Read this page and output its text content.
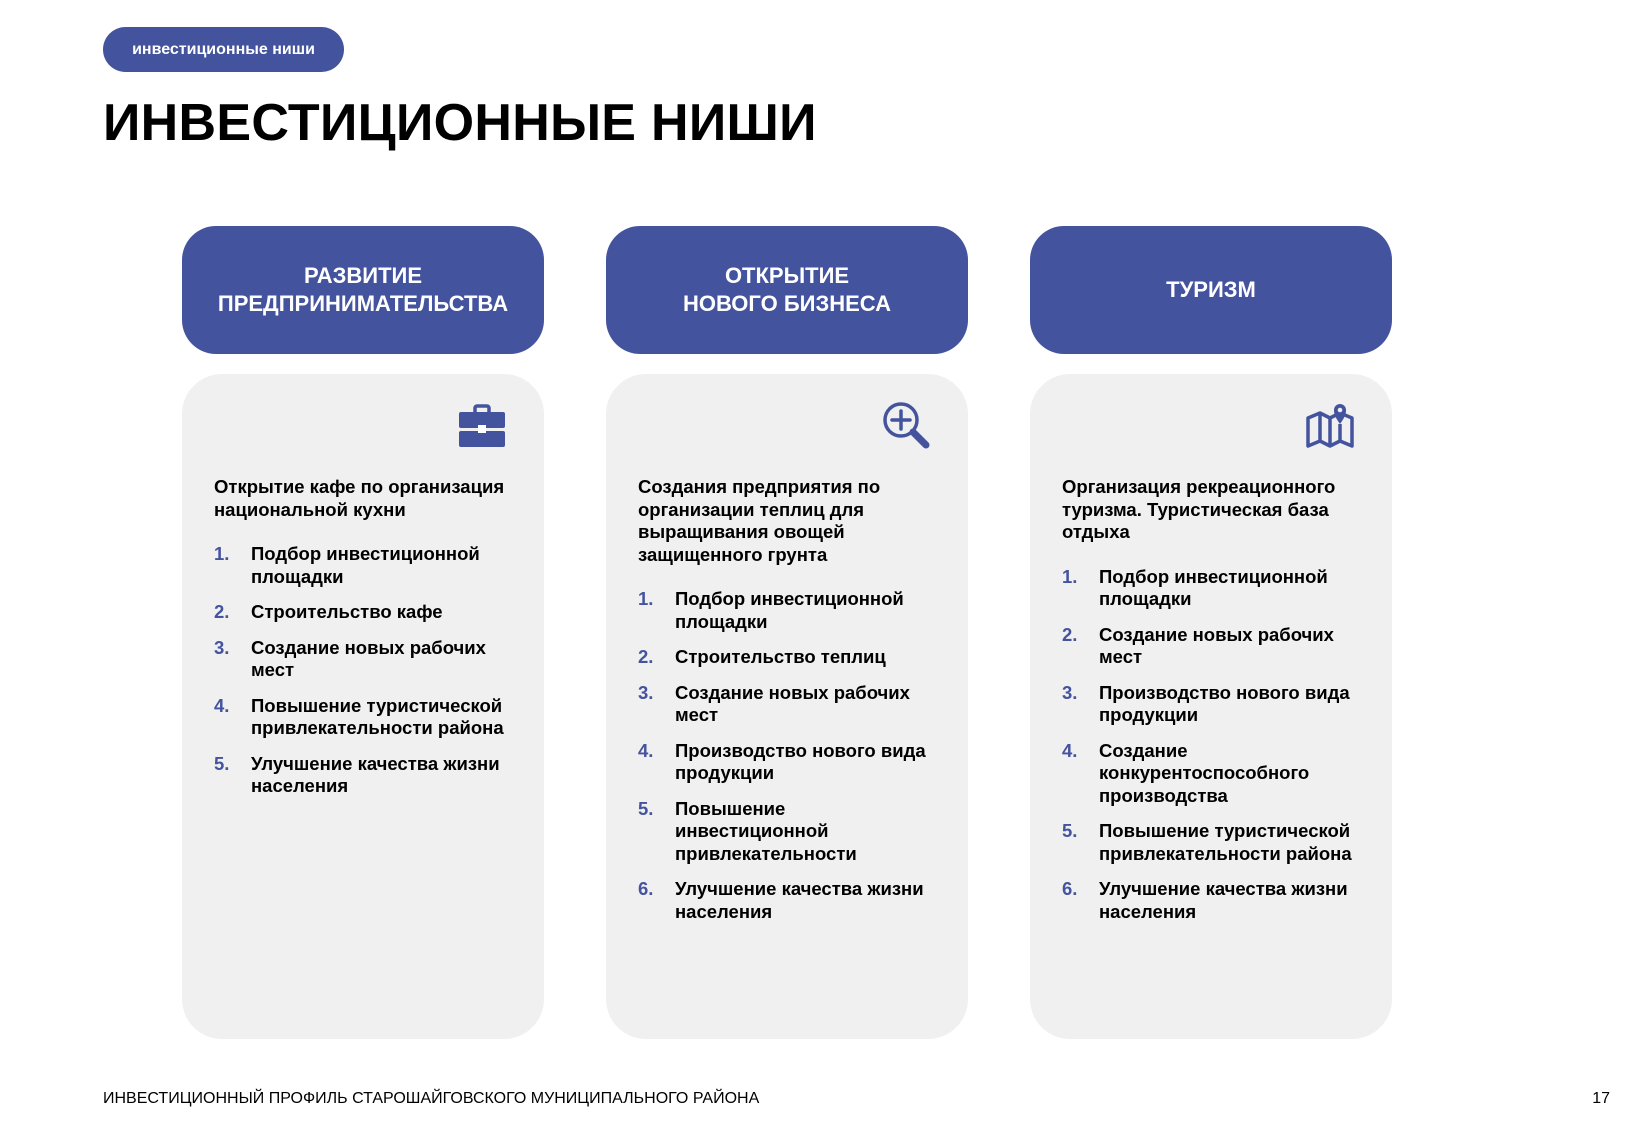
инвестиционные ниши
ИНВЕСТИЦИОННЫЕ НИШИ
РАЗВИТИЕ
ПРЕДПРИНИМАТЕЛЬСТВА

Открытие кафе по организация национальной кухни

1.	Подбор инвестиционной площадки
2.	Строительство кафе
3.	Создание новых рабочих мест
4.	Повышение туристической привлекательности района
5.	Улучшение качества жизни населения
ОТКРЫТИЕ
НОВОГО БИЗНЕСА

Создания предприятия по организации теплиц для выращивания овощей защищенного грунта

1.	Подбор инвестиционной площадки
2.	Строительство теплиц
3.	Создание новых рабочих мест
4.	Производство нового вида продукции
5.	Повышение инвестиционной привлекательности
6.	Улучшение качества жизни населения
ТУРИЗМ

Организация рекреационного туризма. Туристическая база отдыха

1.	Подбор инвестиционной площадки
2.	Создание новых рабочих мест
3.	Производство нового вида продукции
4.	Создание конкурентоспособного производства
5.	Повышение туристической привлекательности района
6.	Улучшение качества жизни населения
ИНВЕСТИЦИОННЫЙ ПРОФИЛЬ СТАРОШАЙГОВСКОГО МУНИЦИПАЛЬНОГО РАЙОНА	17
